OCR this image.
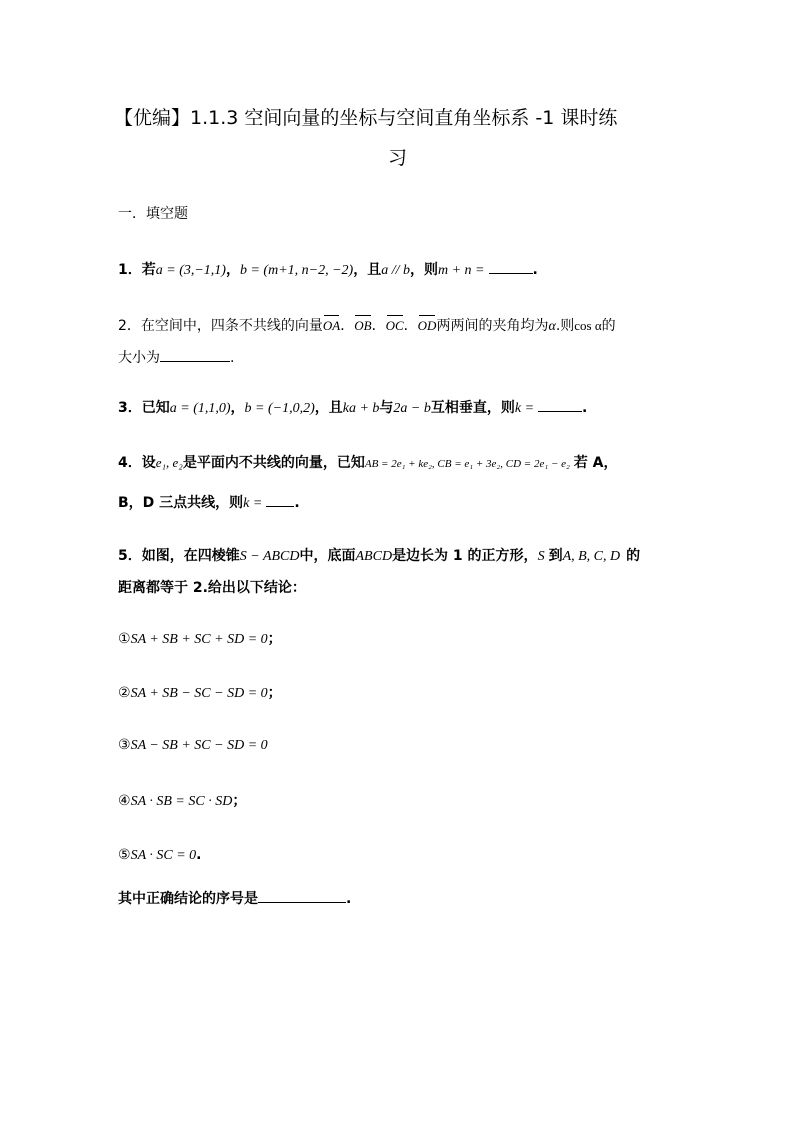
【优编】1.1.3 空间向量的坐标与空间直角坐标系 -1 课时练
习
一．填空题
1．若a = (3,−1,1)，b = (m+1, n−2, −2)，且a // b，则m + n =	.
2．在空间中，四条不共线的向量OA．OB．OC．OD两两间的夹角均为α.则cos α的
大小为	.
3．已知a = (1,1,0)，b = (−1,0,2)，且ka + b与2a − b互相垂直，则k =	.
4．设e₁, e₂是平面内不共线的向量，已知AB = 2e₁ + ke₂, CB = e₁ + 3e₂, CD = 2e₁ − e₂ 若 A，
B，D 三点共线，则k = .
5．如图，在四棱锥S − ABCD中，底面ABCD是边长为 1 的正方形，S 到A, B, C, D 的
距离都等于 2.给出以下结论：
①SA + SB + SC + SD = 0；
②SA + SB − SC − SD = 0；
③SA − SB + SC − SD = 0
④SA · SB = SC · SD；
⑤SA · SC = 0.
其中正确结论的序号是	.
